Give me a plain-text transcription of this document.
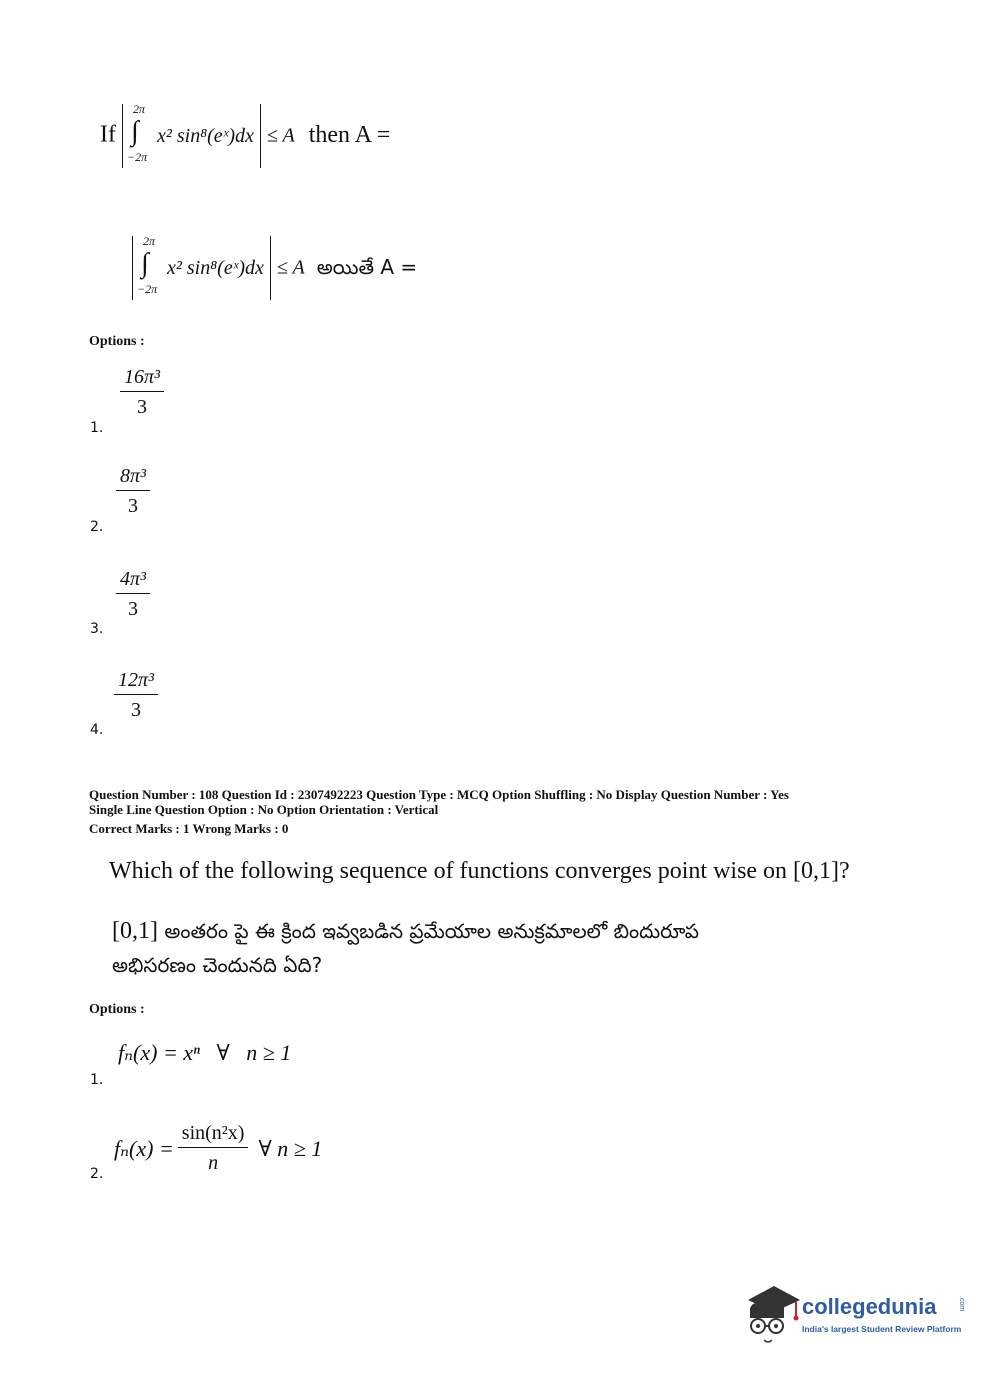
If
2π
∫
−2π
x² sin⁸(eˣ)dx ≤ A then A =
2π
∫
−2π
x² sin⁸(eˣ)dx ≤ A అయితే A =
Options :
$\frac{\text{16π³}}{3}$
1.
$\frac{\text{8π³}}{3}$
2.
$\frac{\text{4π³}}{3}$
3.
$\frac{\text{12π³}}{3}$
4.
Question Number : 108 Question Id : 2307492223 Question Type : MCQ Option Shuffling : No Display Question Number : Yes
Single Line Question Option : No Option Orientation : Vertical
Correct Marks : 1 Wrong Marks : 0
Which of the following sequence of functions converges point wise on [0,1]?
[0,1] అంతరం పై ఈ క్రింద ఇవ్వబడిన ప్రమేయాల అనుక్రమాలలో బిందురూప
అభిసరణం చెందునది ఏది?
Options :
fₙ(x) = xⁿ   ∀   n ≥ 1
1.
$f_n(x) = \frac{\text{sin(n²x)}}{n}$ ∀ n ≥ 1
2.
collegedunia	.com
India's largest Student Review Platform
